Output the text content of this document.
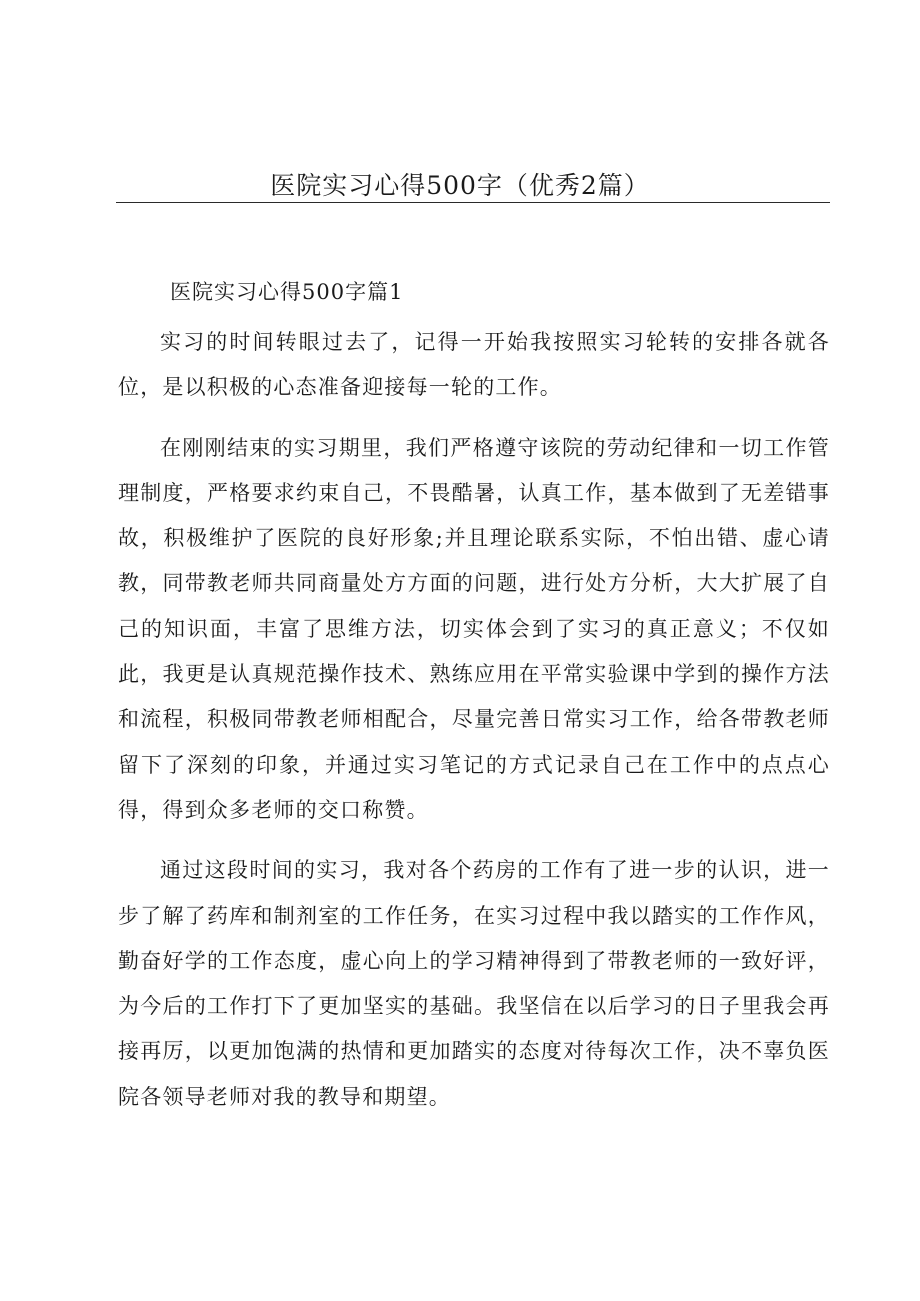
医院实习心得500字（优秀2篇）
医院实习心得500字篇1

实习的时间转眼过去了，记得一开始我按照实习轮转的安排各就各位，是以积极的心态准备迎接每一轮的工作。

在刚刚结束的实习期里，我们严格遵守该院的劳动纪律和一切工作管理制度，严格要求约束自己，不畏酷暑，认真工作，基本做到了无差错事故，积极维护了医院的良好形象;并且理论联系实际，不怕出错、虚心请教，同带教老师共同商量处方方面的问题，进行处方分析，大大扩展了自己的知识面，丰富了思维方法，切实体会到了实习的真正意义；不仅如此，我更是认真规范操作技术、熟练应用在平常实验课中学到的操作方法和流程，积极同带教老师相配合，尽量完善日常实习工作，给各带教老师留下了深刻的印象，并通过实习笔记的方式记录自己在工作中的点点心得，得到众多老师的交口称赞。

通过这段时间的实习，我对各个药房的工作有了进一步的认识，进一步了解了药库和制剂室的工作任务，在实习过程中我以踏实的工作作风，勤奋好学的工作态度，虚心向上的学习精神得到了带教老师的一致好评，为今后的工作打下了更加坚实的基础。我坚信在以后学习的日子里我会再接再厉，以更加饱满的热情和更加踏实的态度对待每次工作，决不辜负医院各领导老师对我的教导和期望。
